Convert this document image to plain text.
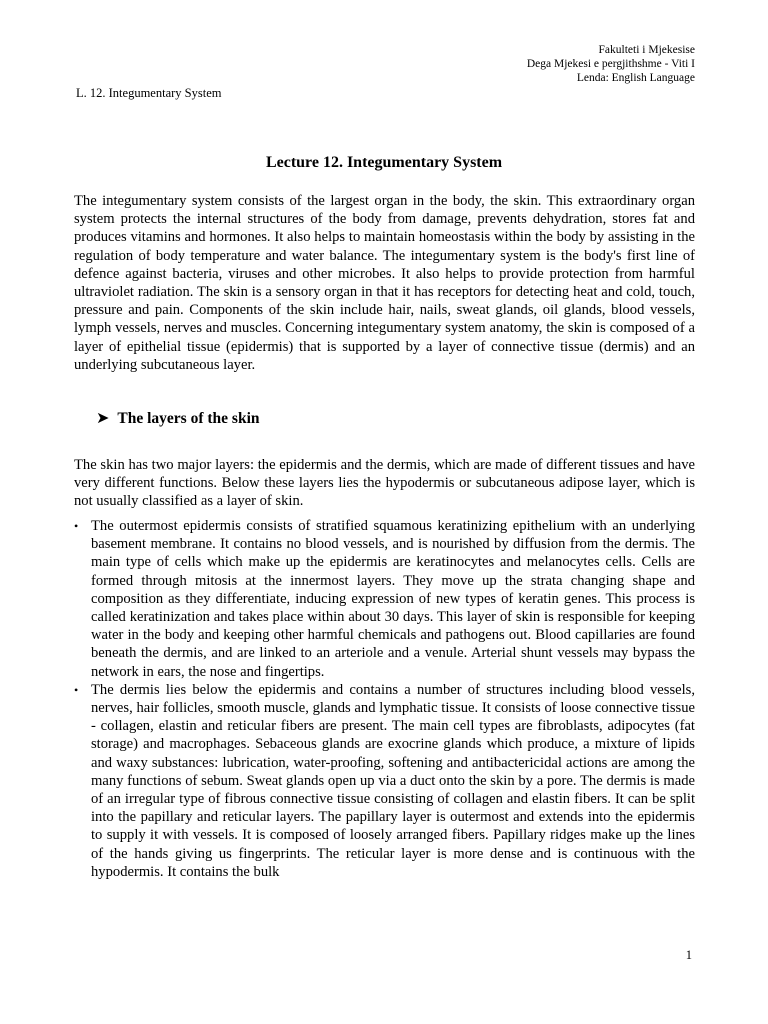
Fakulteti i Mjekesise
Dega Mjekesi e pergjithshme - Viti I
Lenda: English Language
L. 12. Integumentary System
Lecture 12. Integumentary System

The integumentary system consists of the largest organ in the body, the skin. This extraordinary organ system protects the internal structures of the body from damage, prevents dehydration, stores fat and produces vitamins and hormones. It also helps to maintain homeostasis within the body by assisting in the regulation of body temperature and water balance. The integumentary system is the body's first line of defence against bacteria, viruses and other microbes. It also helps to provide protection from harmful ultraviolet radiation. The skin is a sensory organ in that it has receptors for detecting heat and cold, touch, pressure and pain. Components of the skin include hair, nails, sweat glands, oil glands, blood vessels, lymph vessels, nerves and muscles. Concerning integumentary system anatomy, the skin is composed of a layer of epithelial tissue (epidermis) that is supported by a layer of connective tissue (dermis) and an underlying subcutaneous layer.

➤ The layers of the skin

The skin has two major layers: the epidermis and the dermis, which are made of different tissues and have very different functions. Below these layers lies the hypodermis or subcutaneous adipose layer, which is not usually classified as a layer of skin.

• The outermost epidermis consists of stratified squamous keratinizing epithelium with an underlying basement membrane. It contains no blood vessels, and is nourished by diffusion from the dermis. The main type of cells which make up the epidermis are keratinocytes and melanocytes cells. Cells are formed through mitosis at the innermost layers. They move up the strata changing shape and composition as they differentiate, inducing expression of new types of keratin genes. This process is called keratinization and takes place within about 30 days. This layer of skin is responsible for keeping water in the body and keeping other harmful chemicals and pathogens out. Blood capillaries are found beneath the dermis, and are linked to an arteriole and a venule. Arterial shunt vessels may bypass the network in ears, the nose and fingertips.
• The dermis lies below the epidermis and contains a number of structures including blood vessels, nerves, hair follicles, smooth muscle, glands and lymphatic tissue. It consists of loose connective tissue - collagen, elastin and reticular fibers are present. The main cell types are fibroblasts, adipocytes (fat storage) and macrophages. Sebaceous glands are exocrine glands which produce, a mixture of lipids and waxy substances: lubrication, water-proofing, softening and antibactericidal actions are among the many functions of sebum. Sweat glands open up via a duct onto the skin by a pore. The dermis is made of an irregular type of fibrous connective tissue consisting of collagen and elastin fibers. It can be split into the papillary and reticular layers. The papillary layer is outermost and extends into the epidermis to supply it with vessels. It is composed of loosely arranged fibers. Papillary ridges make up the lines of the hands giving us fingerprints. The reticular layer is more dense and is continuous with the hypodermis. It contains the bulk
1
